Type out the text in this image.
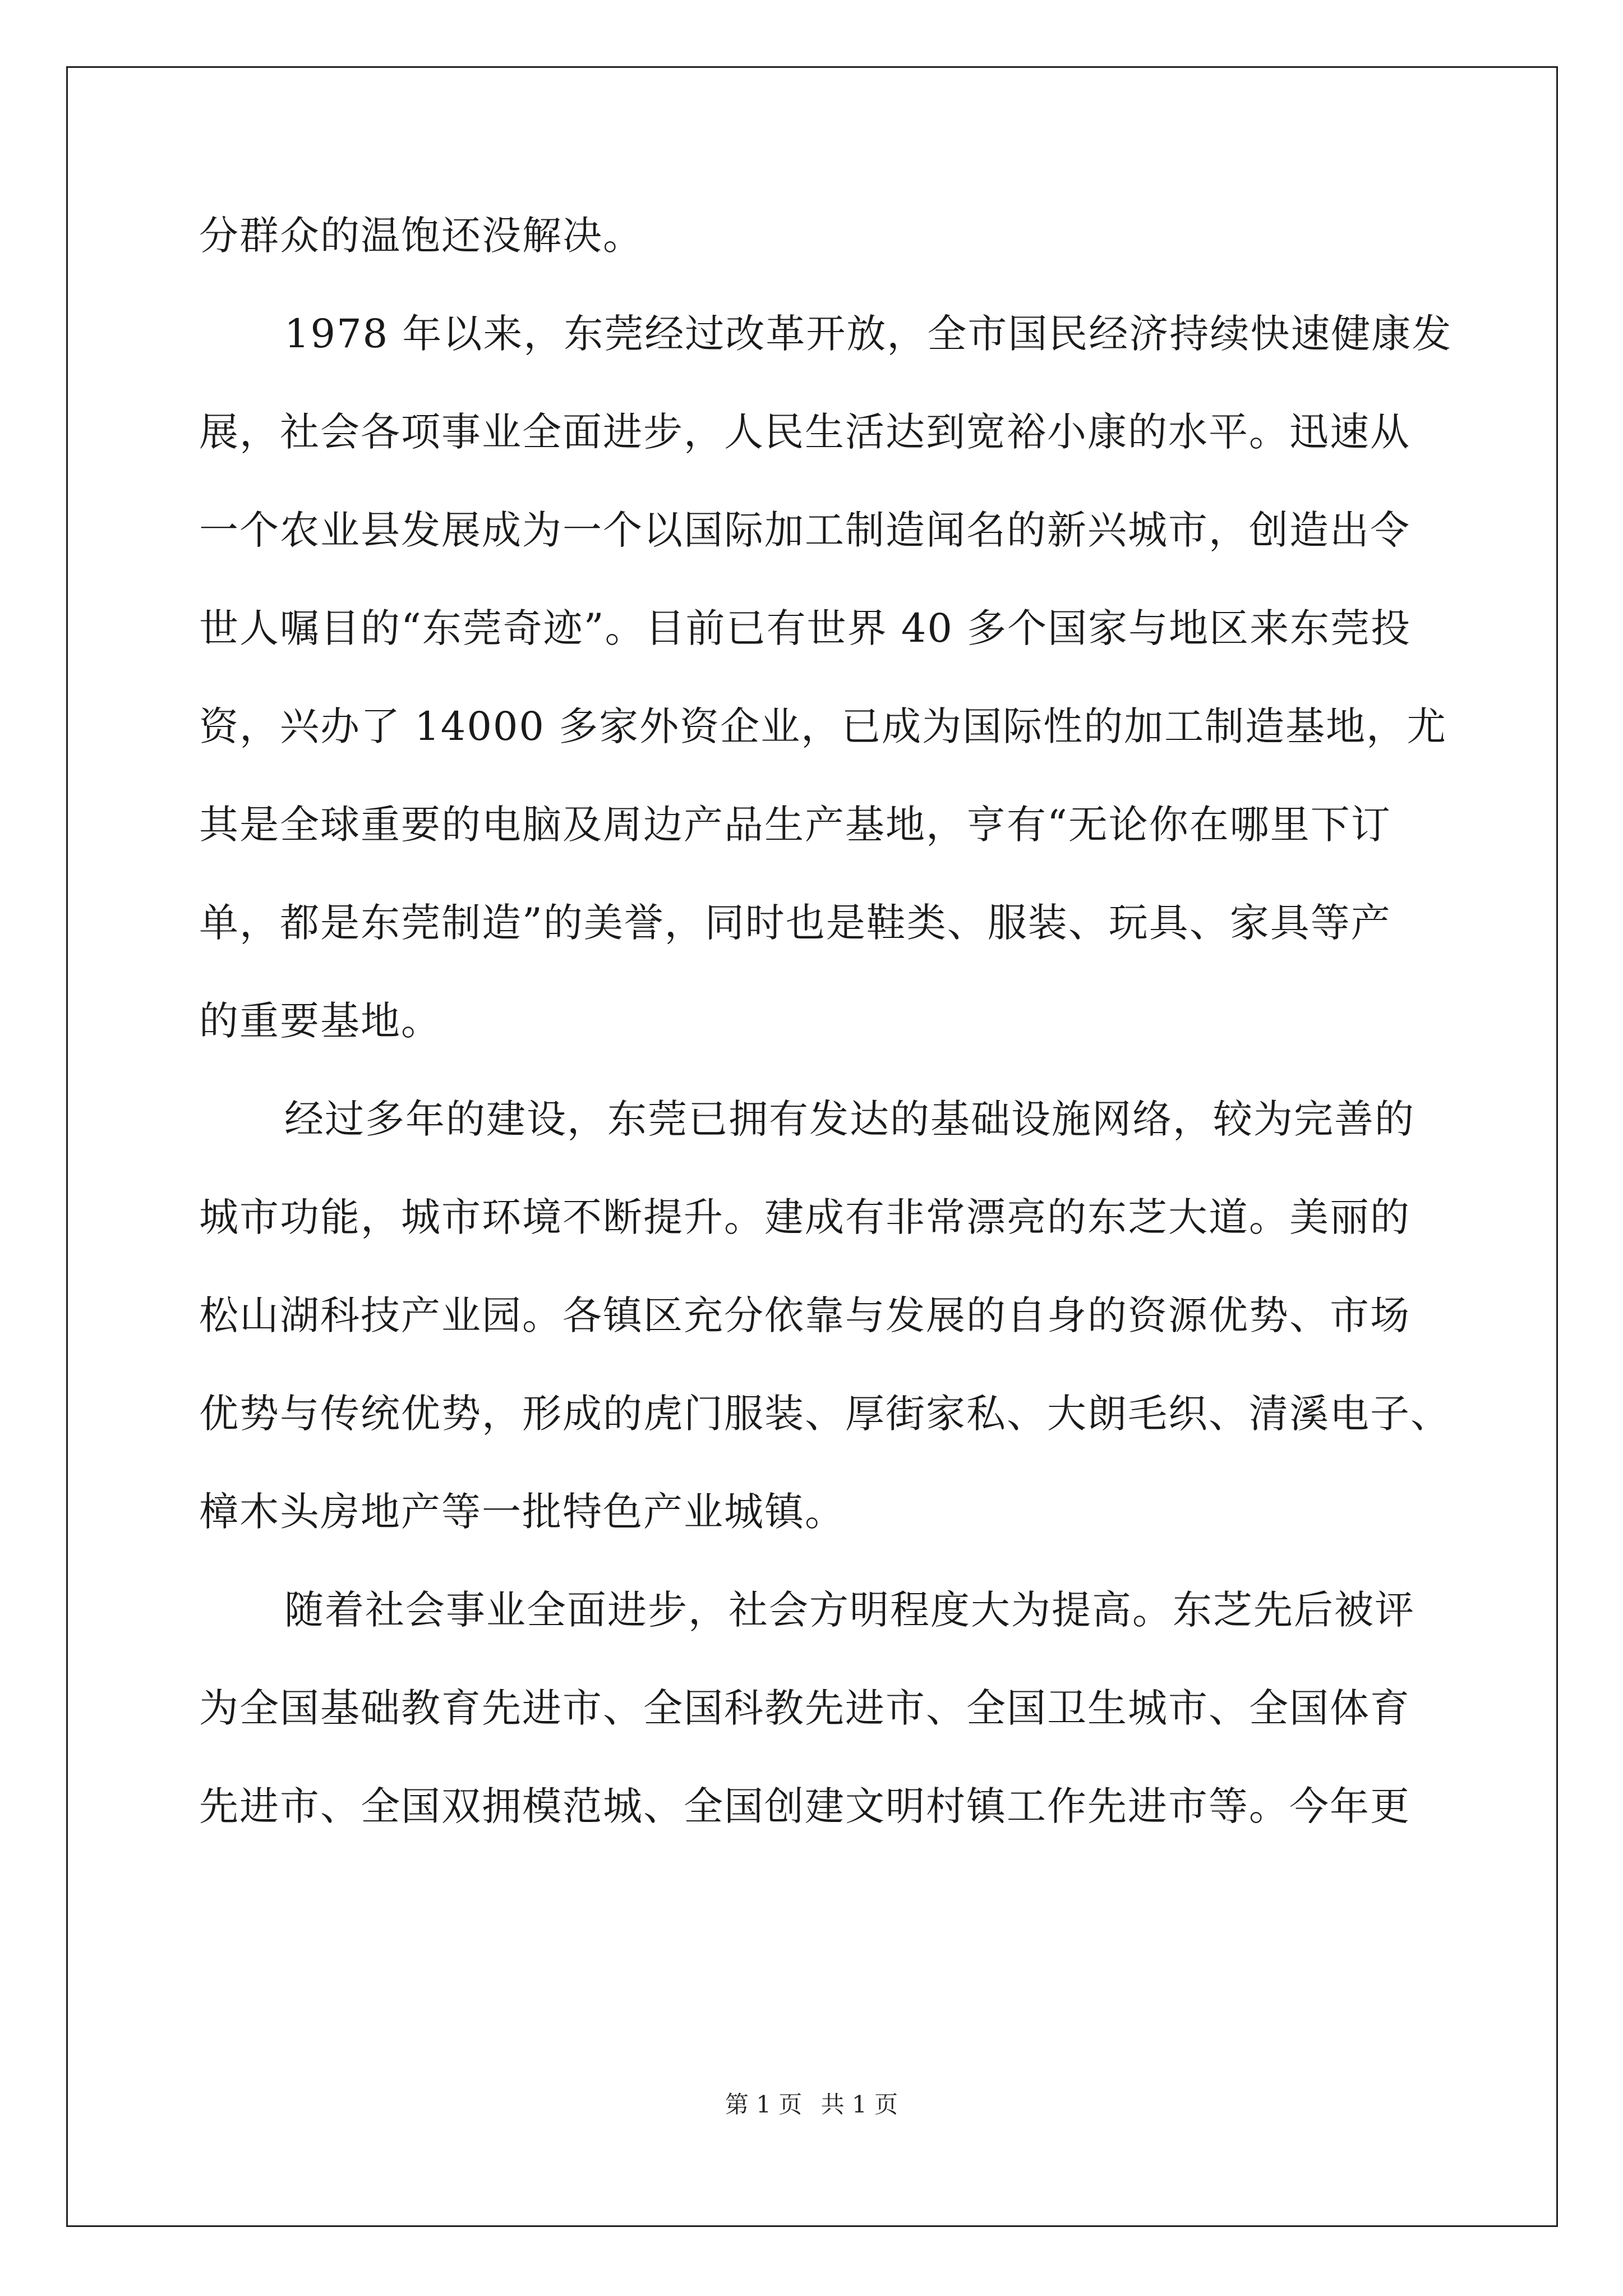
分群众的温饱还没解决。
1978 年以来，东莞经过改革开放，全市国民经济持续快速健康发
展，社会各项事业全面进步，人民生活达到宽裕小康的水平。迅速从
一个农业县发展成为一个以国际加工制造闻名的新兴城市，创造出令
世人嘱目的“东莞奇迹”。目前已有世界 40 多个国家与地区来东莞投
资，兴办了 14000 多家外资企业，已成为国际性的加工制造基地，尤
其是全球重要的电脑及周边产品生产基地，亨有“无论你在哪里下订
单，都是东莞制造”的美誉，同时也是鞋类、服装、玩具、家具等产
的重要基地。
经过多年的建设，东莞已拥有发达的基础设施网络，较为完善的
城市功能，城市环境不断提升。建成有非常漂亮的东芝大道。美丽的
松山湖科技产业园。各镇区充分依靠与发展的自身的资源优势、市场
优势与传统优势，形成的虎门服装、厚街家私、大朗毛织、清溪电子、
樟木头房地产等一批特色产业城镇。
随着社会事业全面进步，社会方明程度大为提高。东芝先后被评
为全国基础教育先进市、全国科教先进市、全国卫生城市、全国体育
先进市、全国双拥模范城、全国创建文明村镇工作先进市等。今年更
第 1 页 共 1 页
